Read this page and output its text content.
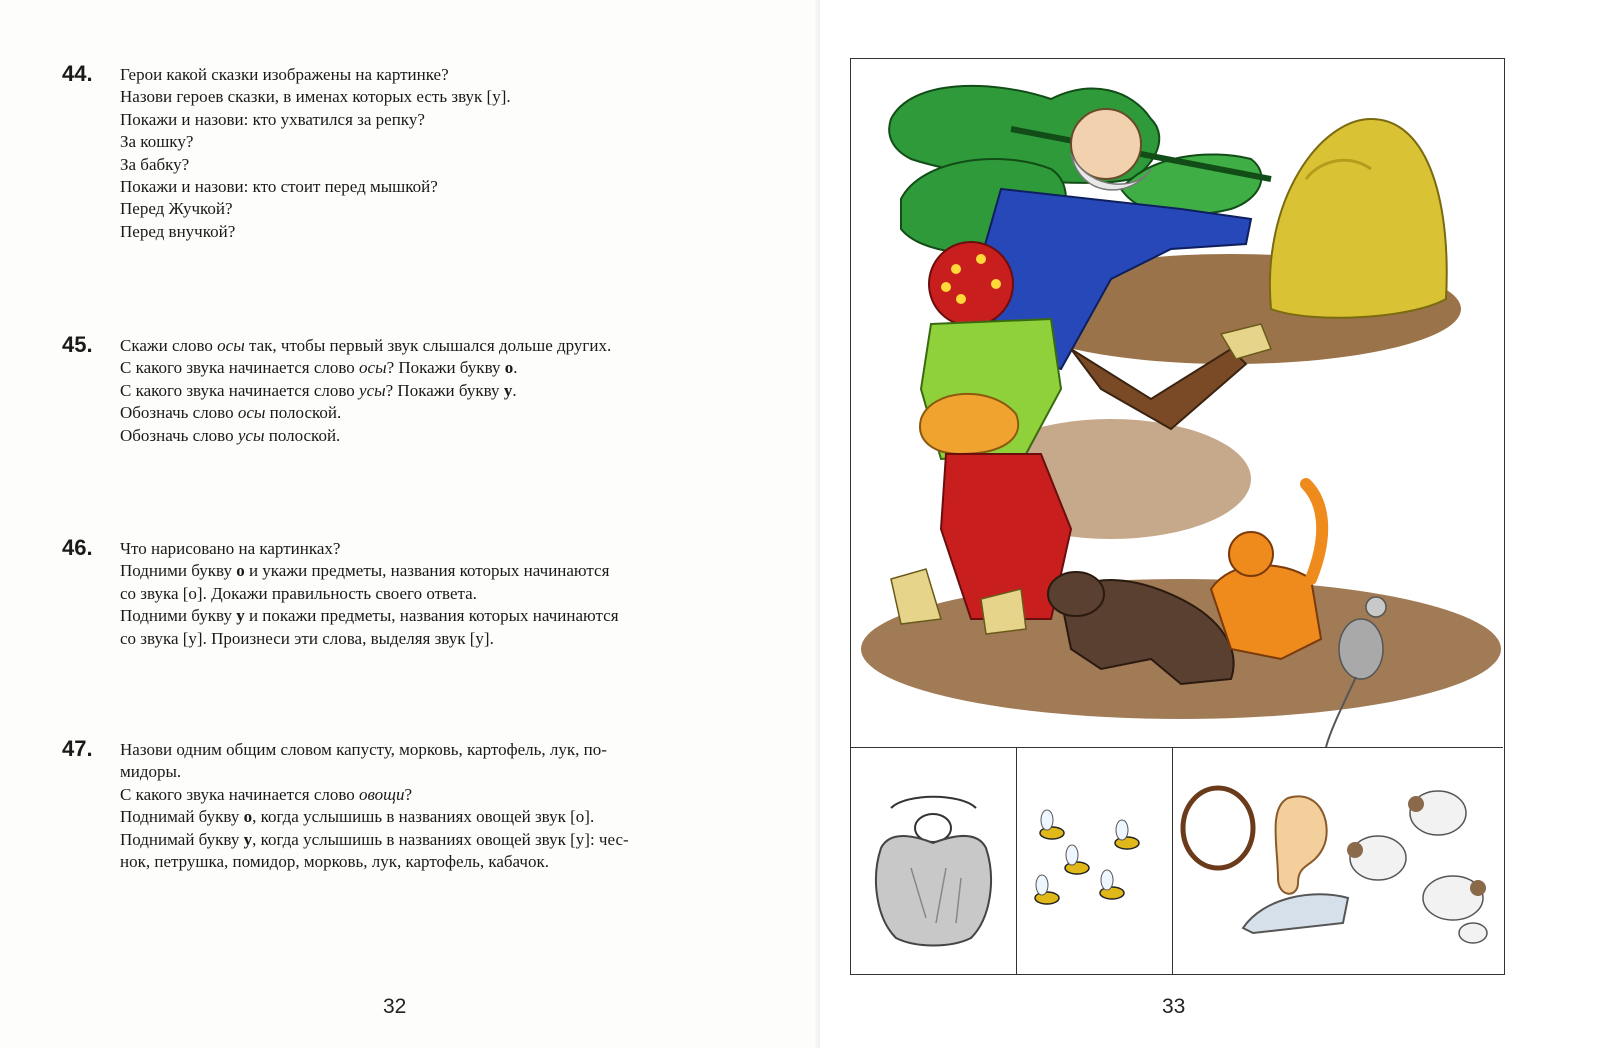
44. Герои какой сказки изображены на картинке?
Назови героев сказки, в именах которых есть звук [у].
Покажи и назови: кто ухватился за репку?
За кошку?
За бабку?
Покажи и назови: кто стоит перед мышкой?
Перед Жучкой?
Перед внучкой?
45. Скажи слово осы так, чтобы первый звук слышался дольше других.
С какого звука начинается слово осы? Покажи букву о.
С какого звука начинается слово усы? Покажи букву у.
Обозначь слово осы полоской.
Обозначь слово усы полоской.
46. Что нарисовано на картинках?
Подними букву о и укажи предметы, названия которых начинаются
со звука [о]. Докажи правильность своего ответа.
Подними букву у и покажи предметы, названия которых начинаются
со звука [у]. Произнеси эти слова, выделяя звук [у].
47. Назови одним общим словом капусту, морковь, картофель, лук, по-
мидоры.
С какого звука начинается слово овощи?
Поднимай букву о, когда услышишь в названиях овощей звук [о].
Поднимай букву у, когда услышишь в названиях овощей звук [у]: чес-
нок, петрушка, помидор, морковь, лук, картофель, кабачок.
32	33
